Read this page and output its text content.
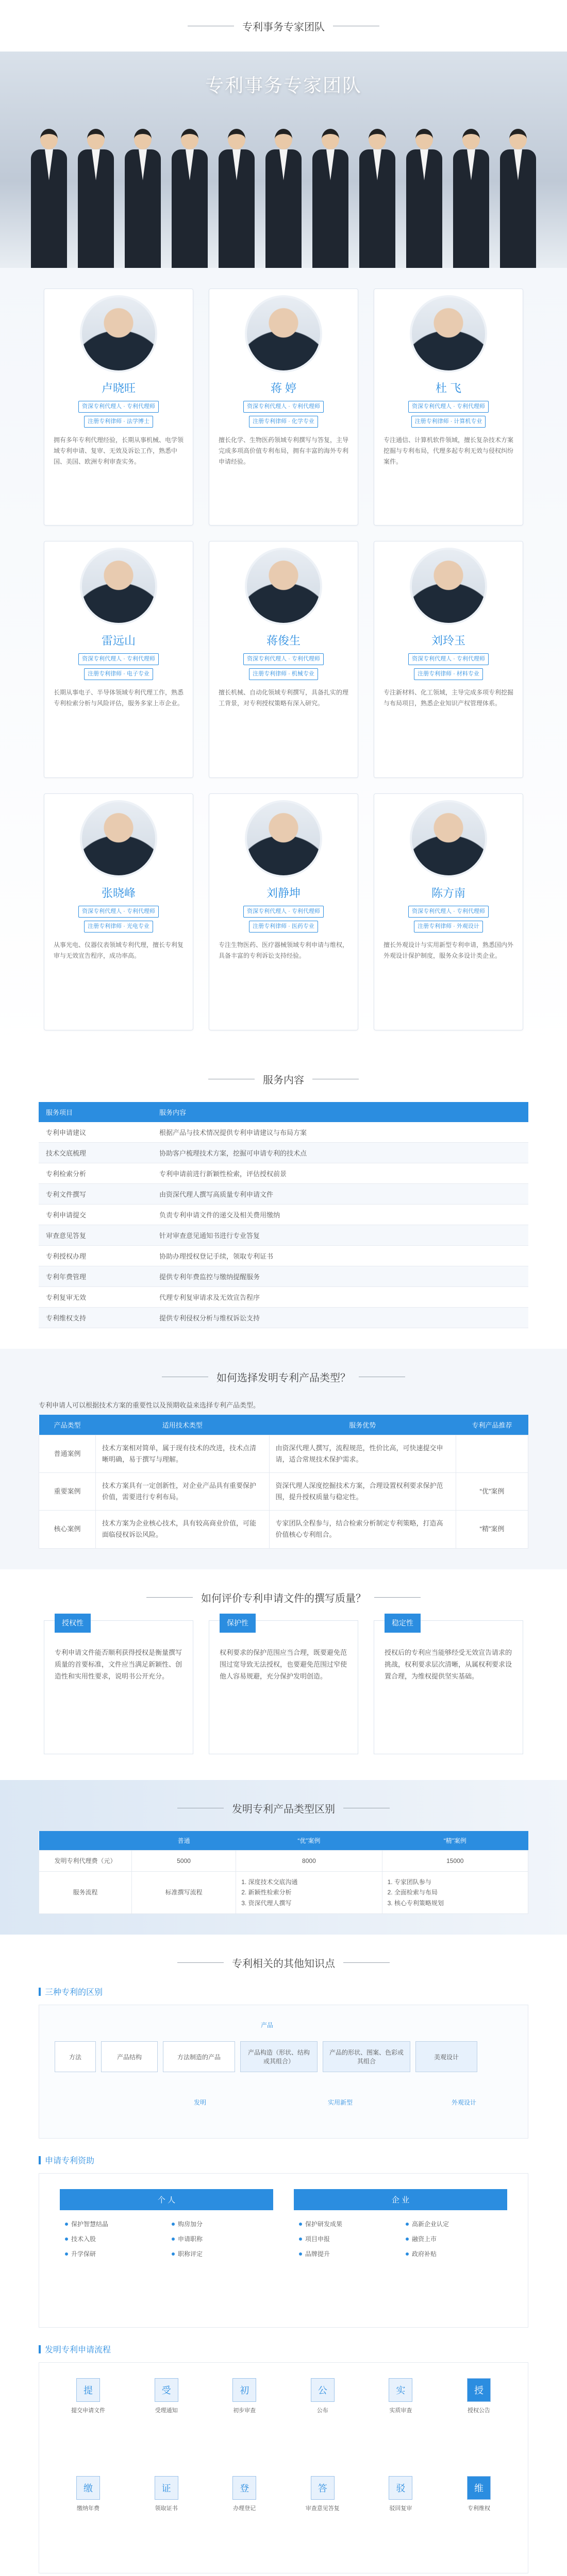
专利事务专家团队
专利事务专家团队
卢晓旺
资深专利代理人 · 专利代理师
注册专利律师 · 法学博士
拥有多年专利代理经验，长期从事机械、电学领域专利申请、复审、无效及诉讼工作，熟悉中国、美国、欧洲专利审查实务。
蒋 婷
资深专利代理人 · 专利代理师
注册专利律师 · 化学专业
擅长化学、生物医药领域专利撰写与答复，主导完成多项高价值专利布局，拥有丰富的海外专利申请经验。
杜 飞
资深专利代理人 · 专利代理师
注册专利律师 · 计算机专业
专注通信、计算机软件领域，擅长复杂技术方案挖掘与专利布局，代理多起专利无效与侵权纠纷案件。
雷远山
资深专利代理人 · 专利代理师
注册专利律师 · 电子专业
长期从事电子、半导体领域专利代理工作，熟悉专利检索分析与风险评估，服务多家上市企业。
蒋俊生
资深专利代理人 · 专利代理师
注册专利律师 · 机械专业
擅长机械、自动化领域专利撰写，具备扎实的理工背景，对专利授权策略有深入研究。
刘玲玉
资深专利代理人 · 专利代理师
注册专利律师 · 材料专业
专注新材料、化工领域，主导完成多项专利挖掘与布局项目，熟悉企业知识产权管理体系。
张晓峰
资深专利代理人 · 专利代理师
注册专利律师 · 光电专业
从事光电、仪器仪表领域专利代理，擅长专利复审与无效宣告程序，成功率高。
刘静坤
资深专利代理人 · 专利代理师
注册专利律师 · 医药专业
专注生物医药、医疗器械领域专利申请与维权，具备丰富的专利诉讼支持经验。
陈方南
资深专利代理人 · 专利代理师
注册专利律师 · 外观设计
擅长外观设计与实用新型专利申请，熟悉国内外外观设计保护制度，服务众多设计类企业。
服务内容
服务项目	服务内容
专利申请建议	根据产品与技术情况提供专利申请建议与布局方案
技术交底梳理	协助客户梳理技术方案，挖掘可申请专利的技术点
专利检索分析	专利申请前进行新颖性检索，评估授权前景
专利文件撰写	由资深代理人撰写高质量专利申请文件
专利申请提交	负责专利申请文件的递交及相关费用缴纳
审查意见答复	针对审查意见通知书进行专业答复
专利授权办理	协助办理授权登记手续，领取专利证书
专利年费管理	提供专利年费监控与缴纳提醒服务
专利复审无效	代理专利复审请求及无效宣告程序
专利维权支持	提供专利侵权分析与维权诉讼支持
如何选择发明专利产品类型？
专利申请人可以根据技术方案的重要性以及预期收益来选择专利产品类型。
产品类型	适用技术类型	服务优势	专利产品推荐
普通案例	技术方案相对简单，属于现有技术的改进，技术点清晰明确，易于撰写与理解。	由资深代理人撰写，流程规范，性价比高，可快速提交申请，适合常规技术保护需求。	
重要案例	技术方案具有一定创新性，对企业产品具有重要保护价值，需要进行专利布局。	资深代理人深度挖掘技术方案，合理设置权利要求保护范围，提升授权质量与稳定性。	“优”案例
核心案例	技术方案为企业核心技术，具有较高商业价值，可能面临侵权诉讼风险。	专家团队全程参与，结合检索分析制定专利策略，打造高价值核心专利组合。	“精”案例
如何评价专利申请文件的撰写质量？
授权性
专利申请文件能否顺利获得授权是衡量撰写质量的首要标准，文件应当满足新颖性、创造性和实用性要求，说明书公开充分。
保护性
权利要求的保护范围应当合理，既要避免范围过宽导致无法授权，也要避免范围过窄使他人容易规避，充分保护发明创造。
稳定性
授权后的专利应当能够经受无效宣告请求的挑战，权利要求层次清晰，从属权利要求设置合理，为维权提供坚实基础。
发明专利产品类型区别
	普通	“优”案例	“精”案例
发明专利代理费（元）	5000	8000	15000
服务流程	标准撰写流程	1. 深度技术交底沟通
2. 新颖性检索分析
3. 资深代理人撰写	1. 专家团队参与
2. 全面检索与布局
3. 核心专利策略规划
专利相关的其他知识点
三种专利的区别
产品
方法	产品结构	方法制造的产品
产品构造（形状、结构或其组合）
产品的形状、图案、色彩或其组合
美观设计
发明	实用新型	外观设计
申请专利资助
个 人
保护智慧结晶	购房加分
技术入股	申请职称
升学保研	职称评定
企 业
保护研发成果	高新企业认定
项目申报	融资上市
品牌提升	政府补贴
发明专利申请流程
提
提交申请文件
受
受理通知
初
初步审查
公
公布
实
实质审查
授
授权公告
缴
缴纳年费
证
领取证书
登
办理登记
答
审查意见答复
驳
驳回复审
维
专利维权
